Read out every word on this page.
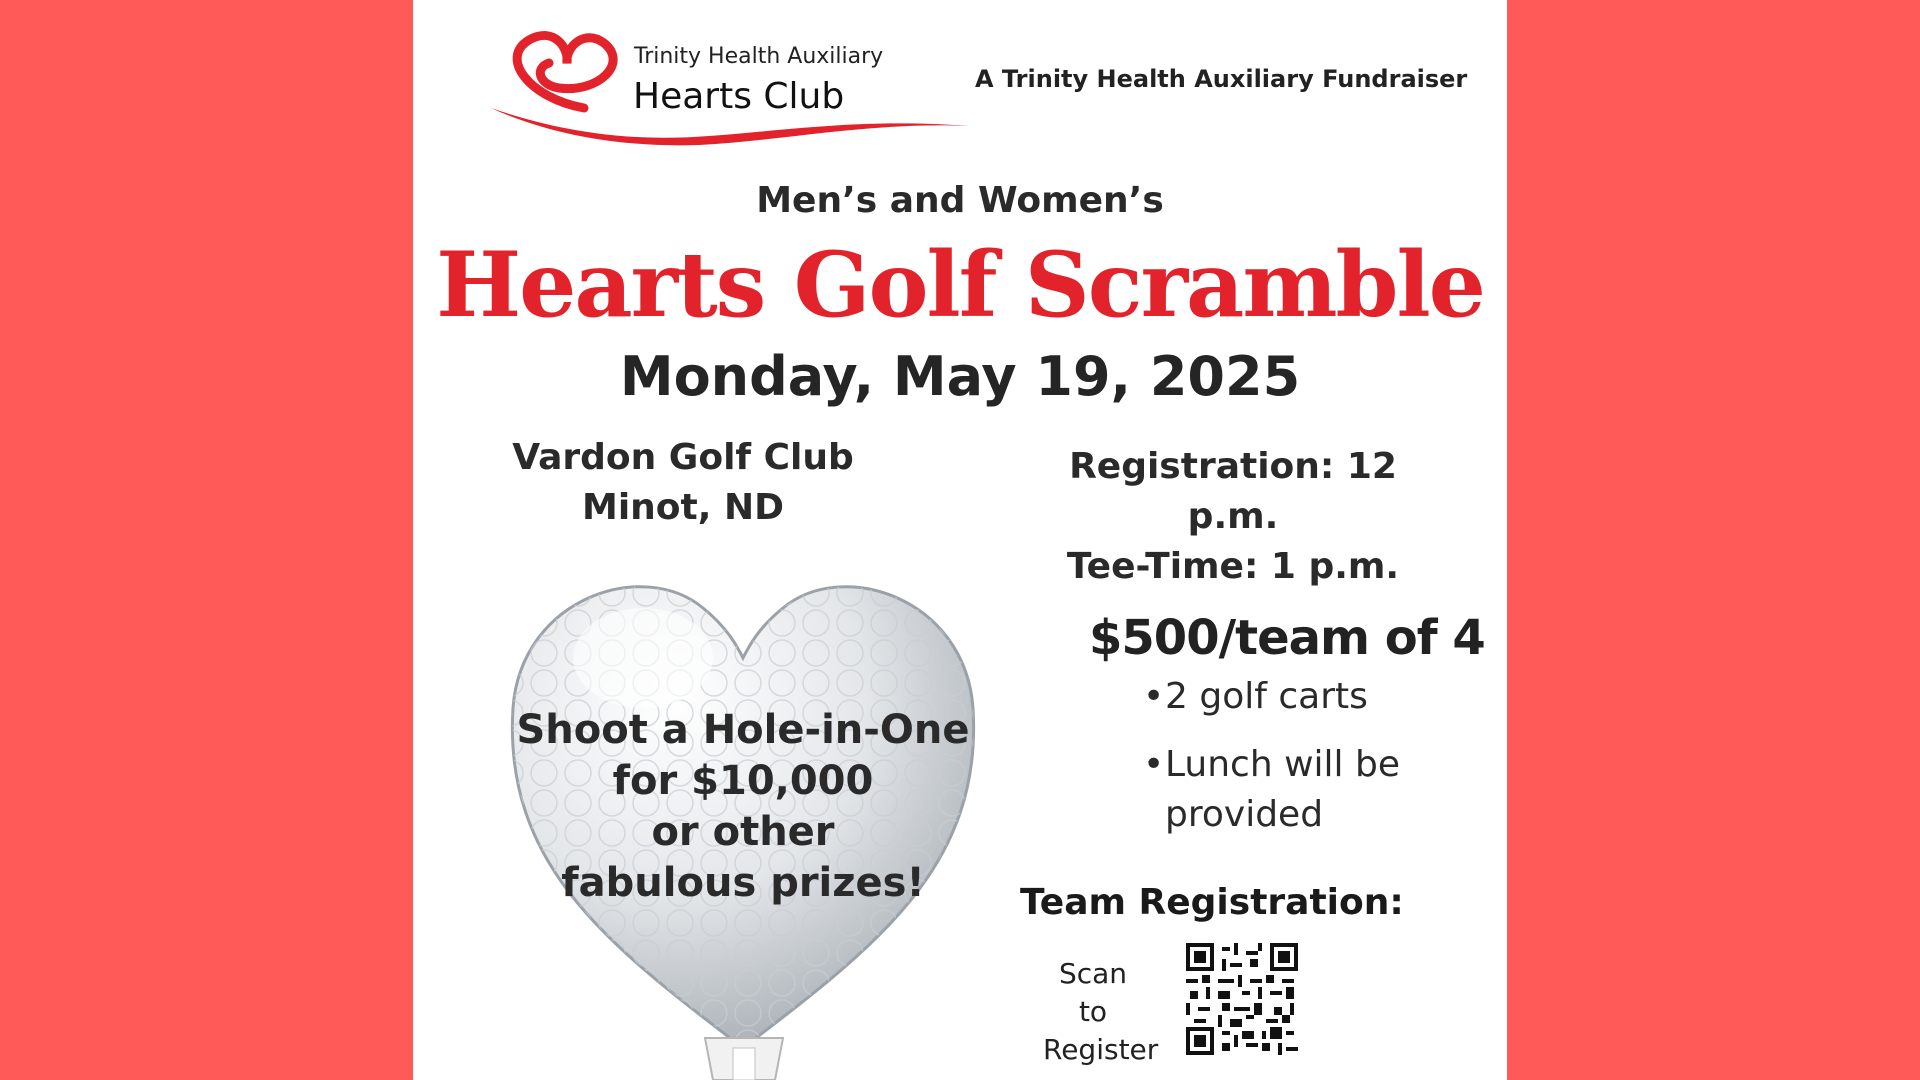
Trinity Health Auxiliary
Hearts Club	A Trinity Health Auxiliary Fundraiser
Men’s and Women’s
Hearts Golf Scramble
Monday, May 19, 2025
Vardon Golf Club
Minot, ND
Registration: 12 p.m.
Tee-Time: 1 p.m.
Shoot a Hole-in-One
for $10,000
or other
fabulous prizes!
$500/team of 4
• 2 golf carts
• Lunch will be provided
Team Registration:
Scan to
Register
